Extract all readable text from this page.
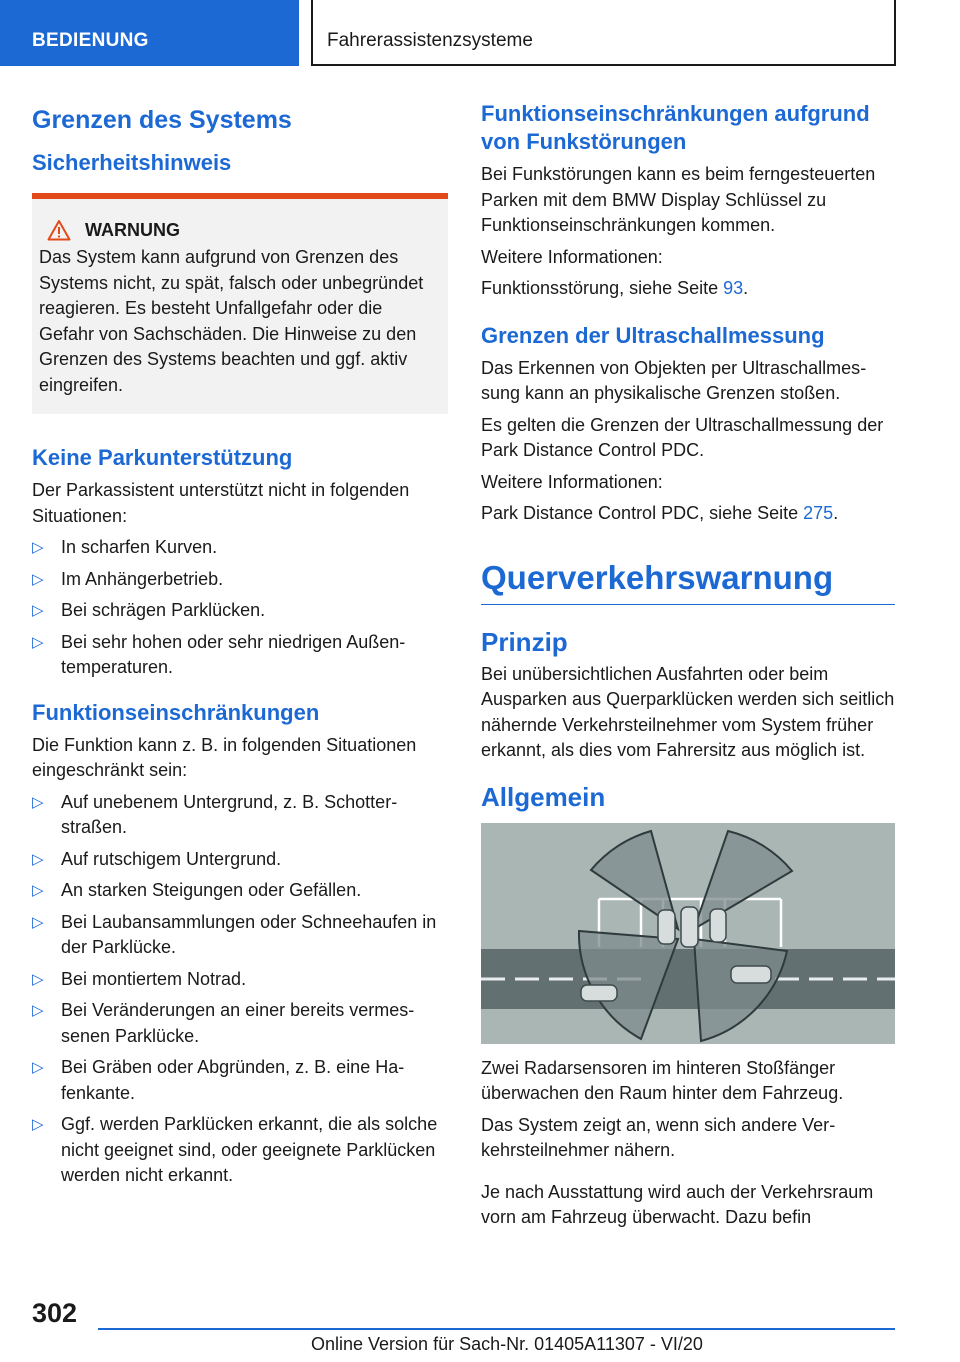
BEDIENUNG	Fahrerassistenzsysteme
Grenzen des Systems
Sicherheitshinweis
WARNUNG

Das System kann aufgrund von Grenzen des Systems nicht, zu spät, falsch oder unbegründet reagieren. Es besteht Unfallgefahr oder die Gefahr von Sachschäden. Die Hinweise zu den Grenzen des Systems beachten und ggf. aktiv eingreifen.

Keine Parkunterstützung

Der Parkassistent unterstützt nicht in folgenden Situationen:

▷ In scharfen Kurven.
▷ Im Anhängerbetrieb.
▷ Bei schrägen Parklücken.
▷ Bei sehr hohen oder sehr niedrigen Außentemperaturen.
Funktionseinschränkungen

Die Funktion kann z. B. in folgenden Situationen eingeschränkt sein:

▷ Auf unebenem Untergrund, z. B. Schotterstraßen.
▷ Auf rutschigem Untergrund.
▷ An starken Steigungen oder Gefällen.
▷ Bei Laubansammlungen oder Schneehaufen in der Parklücke.
▷ Bei montiertem Notrad.
▷ Bei Veränderungen an einer bereits vermessenen Parklücke.
▷ Bei Gräben oder Abgründen, z. B. eine Hafenkante.
▷ Ggf. werden Parklücken erkannt, die als solche nicht geeignet sind, oder geeignete Parklücken werden nicht erkannt.
Funktionseinschränkungen aufgrund von Funkstörungen

Bei Funkstörungen kann es beim ferngesteuerten Parken mit dem BMW Display Schlüssel zu Funktionseinschränkungen kommen.

Weitere Informationen:

Funktionsstörung, siehe Seite 93.

Grenzen der Ultraschallmessung

Das Erkennen von Objekten per Ultraschallmessung kann an physikalische Grenzen stoßen.

Es gelten die Grenzen der Ultraschallmessung der Park Distance Control PDC.

Weitere Informationen:

Park Distance Control PDC, siehe Seite 275.

Querverkehrswarnung
Prinzip

Bei unübersichtlichen Ausfahrten oder beim Ausparken aus Querparklücken werden sich seitlich nähernde Verkehrsteilnehmer vom System früher erkannt, als dies vom Fahrersitz aus möglich ist.

Allgemein

Zwei Radarsensoren im hinteren Stoßfänger überwachen den Raum hinter dem Fahrzeug.

Das System zeigt an, wenn sich andere Verkehrsteilnehmer nähern.

Je nach Ausstattung wird auch der Verkehrsraum vorn am Fahrzeug überwacht. Dazu befin

302
Online Version für Sach-Nr. 01405A11307 - VI/20
